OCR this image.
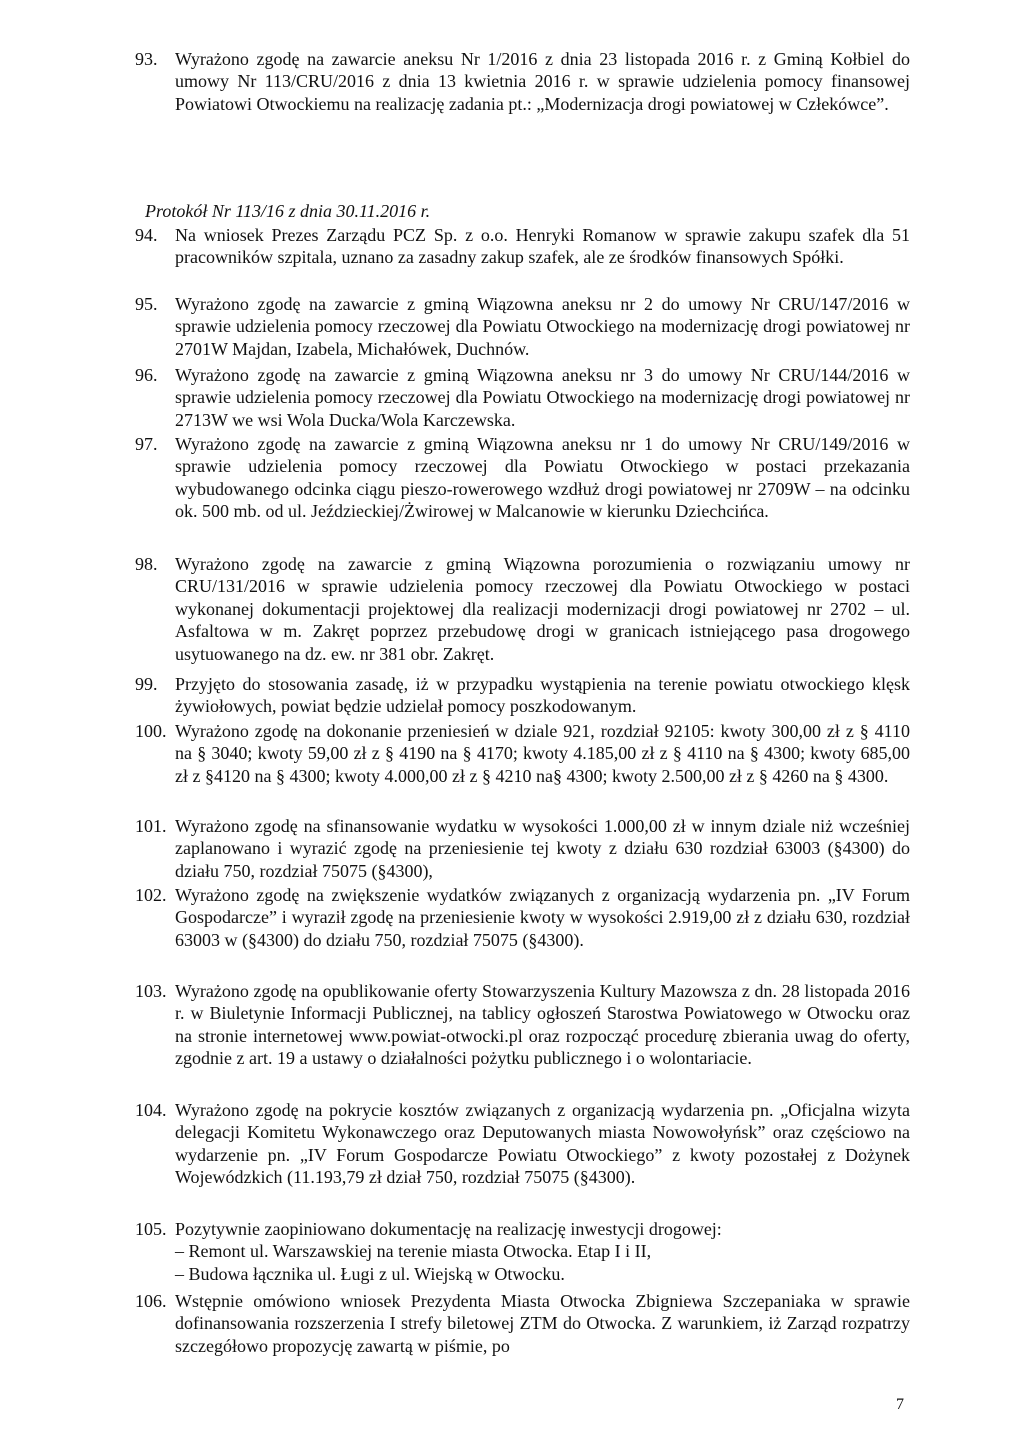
93. Wyrażono zgodę na zawarcie aneksu Nr 1/2016 z dnia 23 listopada 2016 r. z Gminą Kołbiel do umowy Nr 113/CRU/2016 z dnia 13 kwietnia 2016 r. w sprawie udzielenia pomocy finansowej Powiatowi Otwockiemu na realizację zadania pt.: „Modernizacja drogi powiatowej w Człekówce”.
Protokół Nr 113/16 z dnia 30.11.2016 r.
94. Na wniosek Prezes Zarządu PCZ Sp. z o.o. Henryki Romanow w sprawie zakupu szafek dla 51 pracowników szpitala, uznano za zasadny zakup szafek, ale ze środków finansowych Spółki.
95. Wyrażono zgodę na zawarcie z gminą Wiązowna aneksu nr 2 do umowy Nr CRU/147/2016 w sprawie udzielenia pomocy rzeczowej dla Powiatu Otwockiego na modernizację drogi powiatowej nr 2701W Majdan, Izabela, Michałówek, Duchnów.
96. Wyrażono zgodę na zawarcie z gminą Wiązowna aneksu nr 3 do umowy Nr CRU/144/2016 w sprawie udzielenia pomocy rzeczowej dla Powiatu Otwockiego na modernizację drogi powiatowej nr 2713W we wsi Wola Ducka/Wola Karczewska.
97. Wyrażono zgodę na zawarcie z gminą Wiązowna aneksu nr 1 do umowy Nr CRU/149/2016 w sprawie udzielenia pomocy rzeczowej dla Powiatu Otwockiego w postaci przekazania wybudowanego odcinka ciągu pieszo-rowerowego wzdłuż drogi powiatowej nr 2709W – na odcinku ok. 500 mb. od ul. Jeździeckiej/Żwirowej w Malcanowie w kierunku Dziechcińca.
98. Wyrażono zgodę na zawarcie z gminą Wiązowna porozumienia o rozwiązaniu umowy nr CRU/131/2016 w sprawie udzielenia pomocy rzeczowej dla Powiatu Otwockiego w postaci wykonanej dokumentacji projektowej dla realizacji modernizacji drogi powiatowej nr 2702 – ul. Asfaltowa w m. Zakręt poprzez przebudowę drogi w granicach istniejącego pasa drogowego usytuowanego na dz. ew. nr 381 obr. Zakręt.
99. Przyjęto do stosowania zasadę, iż w przypadku wystąpienia na terenie powiatu otwockiego klęsk żywiołowych, powiat będzie udzielał pomocy poszkodowanym.
100. Wyrażono zgodę na dokonanie przeniesień w dziale 921, rozdział 92105: kwoty 300,00 zł z § 4110 na § 3040; kwoty 59,00 zł z § 4190 na § 4170; kwoty 4.185,00 zł z § 4110 na § 4300; kwoty 685,00 zł z §4120 na § 4300; kwoty 4.000,00 zł z § 4210 na§ 4300; kwoty 2.500,00 zł z § 4260 na § 4300.
101. Wyrażono zgodę na sfinansowanie wydatku w wysokości 1.000,00 zł w innym dziale niż wcześniej zaplanowano i wyrazić zgodę na przeniesienie tej kwoty z działu 630 rozdział 63003 (§4300) do działu 750, rozdział 75075 (§4300),
102. Wyrażono zgodę na zwiększenie wydatków związanych z organizacją wydarzenia pn. „IV Forum Gospodarcze” i wyraził zgodę na przeniesienie kwoty w wysokości 2.919,00 zł z działu 630, rozdział 63003 w (§4300) do działu 750, rozdział 75075 (§4300).
103. Wyrażono zgodę na opublikowanie oferty Stowarzyszenia Kultury Mazowsza z dn. 28 listopada 2016 r. w Biuletynie Informacji Publicznej, na tablicy ogłoszeń Starostwa Powiatowego w Otwocku oraz na stronie internetowej www.powiat-otwocki.pl oraz rozpocząć procedurę zbierania uwag do oferty, zgodnie z art. 19 a ustawy o działalności pożytku publicznego i o wolontariacie.
104. Wyrażono zgodę na pokrycie kosztów związanych z organizacją wydarzenia pn. „Oficjalna wizyta delegacji Komitetu Wykonawczego oraz Deputowanych miasta Nowowołyńsk” oraz częściowo na wydarzenie pn. „IV Forum Gospodarcze Powiatu Otwockiego” z kwoty pozostałej z Dożynek Wojewódzkich (11.193,79 zł dział 750, rozdział 75075 (§4300).
105. Pozytywnie zaopiniowano dokumentację na realizację inwestycji drogowej:
– Remont ul. Warszawskiej na terenie miasta Otwocka. Etap I i II,
– Budowa łącznika ul. Ługi z ul. Wiejską w Otwocku.
106. Wstępnie omówiono wniosek Prezydenta Miasta Otwocka Zbigniewa Szczepaniaka w sprawie dofinansowania rozszerzenia I strefy biletowej ZTM do Otwocka. Z warunkiem, iż Zarząd rozpatrzy szczegółowo propozycję zawartą w piśmie, po
7
